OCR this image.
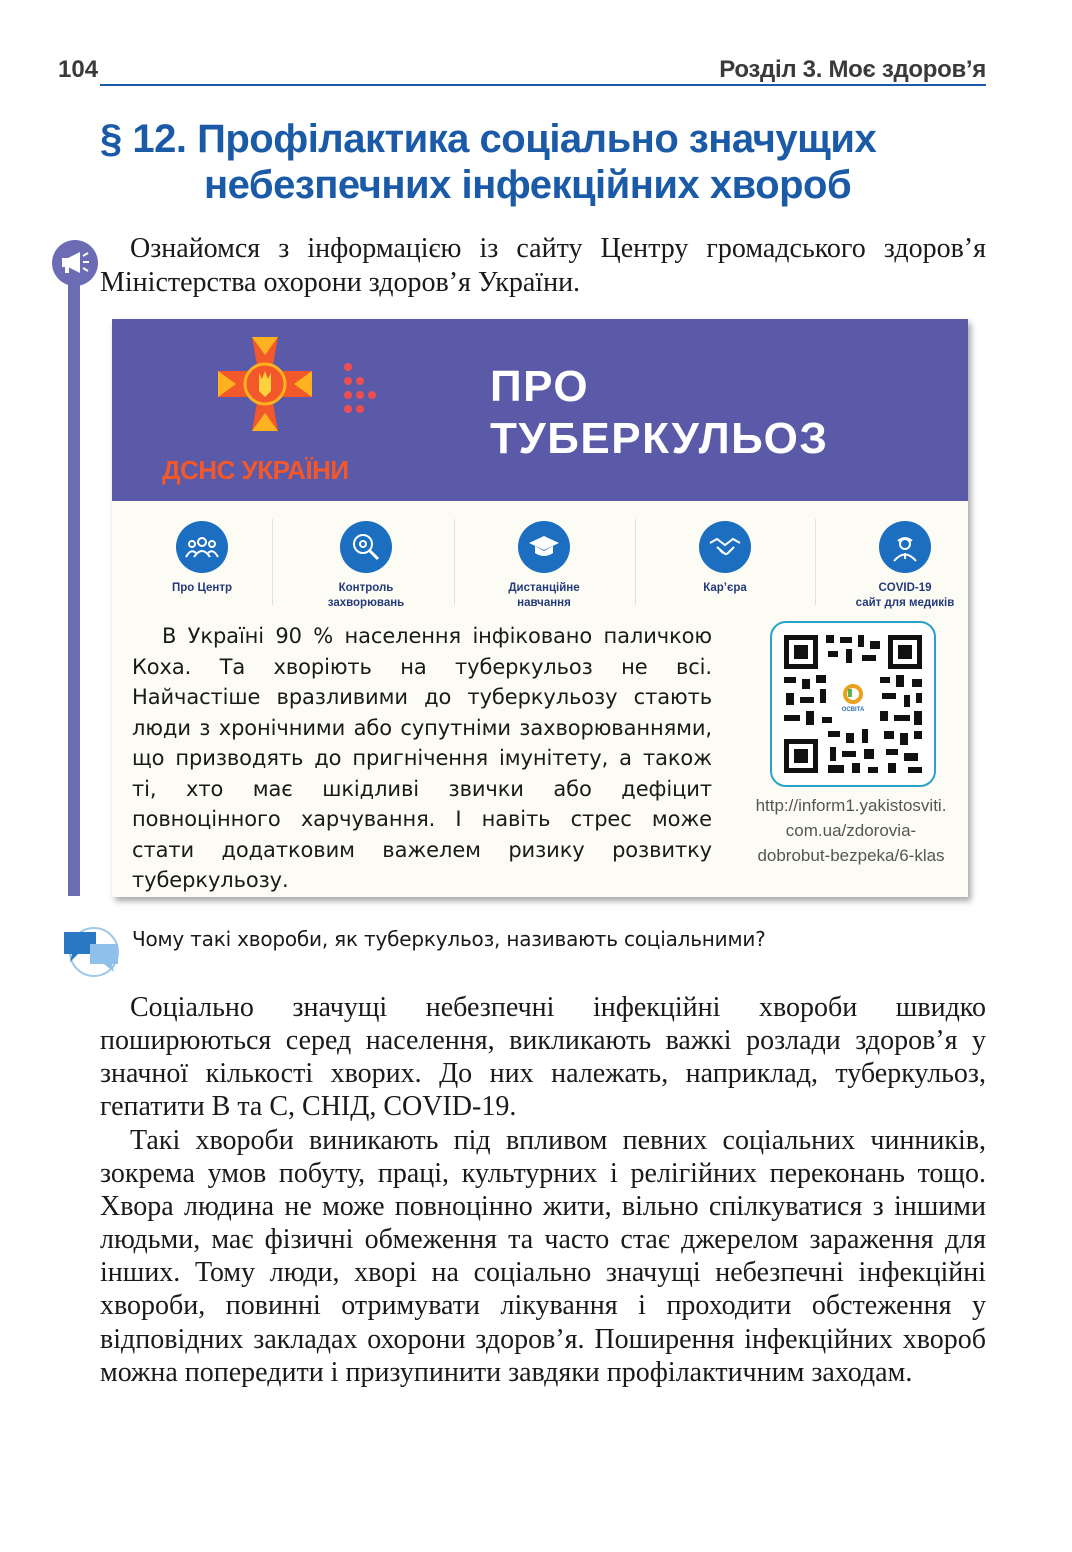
104	Розділ 3. Моє здоров’я
§ 12. Профілактика соціально значущих
небезпечних інфекційних хвороб

Ознайомся з інформацією із сайту Центру громадського здоров’я Міністерства охорони здоров’я України.

ДСНС УКРАЇНИ
ПРО
ТУБЕРКУЛЬОЗ
Про Центр	Контроль
захворювань
Дистанційне
навчання
Кар’єра	COVID-19
сайт для медиків

В Україні 90 % населення інфіковано паличкою Коха. Та хворіють на туберкульоз не всі. Найчастіше вразливими до туберкульозу стають люди з хронічними або супутніми захворюваннями, що призводять до пригнічення імунітету, а також ті, хто має шкідливі звички або дефіцит повноцінного харчування. І навіть стрес може стати додатковим важелем ризику розвитку туберкульозу.

ОСВІТА
http://inform1.yakistosviti.
com.ua/zdorovia-
dobrobut-bezpeka/6-klas
Чому такі хвороби, як туберкульоз, називають соціальними?

Соціально значущі небезпечні інфекційні хвороби швидко поширюються серед населення, викликають важкі розлади здоров’я у значної кількості хворих. До них належать, наприклад, туберкульоз, гепатити В та С, СНІД, COVID-19.

Такі хвороби виникають під впливом певних соціальних чинників, зокрема умов побуту, праці, культурних і релігійних переконань тощо. Хвора людина не може повноцінно жити, вільно спілкуватися з іншими людьми, має фізичні обмеження та часто стає джерелом зараження для інших. Тому люди, хворі на соціально значущі небезпечні інфекційні хвороби, повинні отримувати лікування і проходити обстеження у відповідних закладах охорони здоров’я. Поширення інфекційних хвороб можна попередити і призупинити завдяки профілактичним заходам.
